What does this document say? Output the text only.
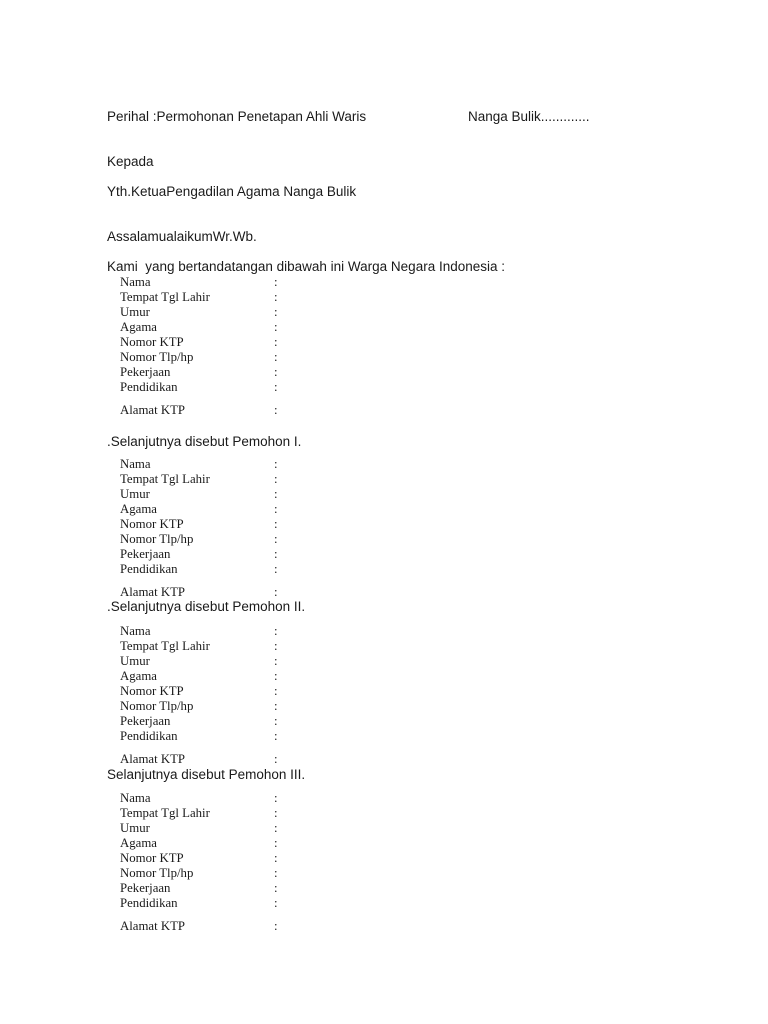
Perihal :Permohonan Penetapan Ahli Waris	Nanga Bulik.............
Kepada
Yth.KetuaPengadilan Agama Nanga Bulik
AssalamualaikumWr.Wb.
Kami  yang bertandatangan dibawah ini Warga Negara Indonesia :
Nama	:
Tempat Tgl Lahir	:
Umur	:
Agama	:
Nomor KTP	:
Nomor Tlp/hp	:
Pekerjaan	:
Pendidikan	:
Alamat KTP	:
.Selanjutnya disebut Pemohon I.
Nama	:
Tempat Tgl Lahir	:
Umur	:
Agama	:
Nomor KTP	:
Nomor Tlp/hp	:
Pekerjaan	:
Pendidikan	:
Alamat KTP	:
.Selanjutnya disebut Pemohon II.
Nama	:
Tempat Tgl Lahir	:
Umur	:
Agama	:
Nomor KTP	:
Nomor Tlp/hp	:
Pekerjaan	:
Pendidikan	:
Alamat KTP	:
Selanjutnya disebut Pemohon III.
Nama	:
Tempat Tgl Lahir	:
Umur	:
Agama	:
Nomor KTP	:
Nomor Tlp/hp	:
Pekerjaan	:
Pendidikan	:
Alamat KTP	:
